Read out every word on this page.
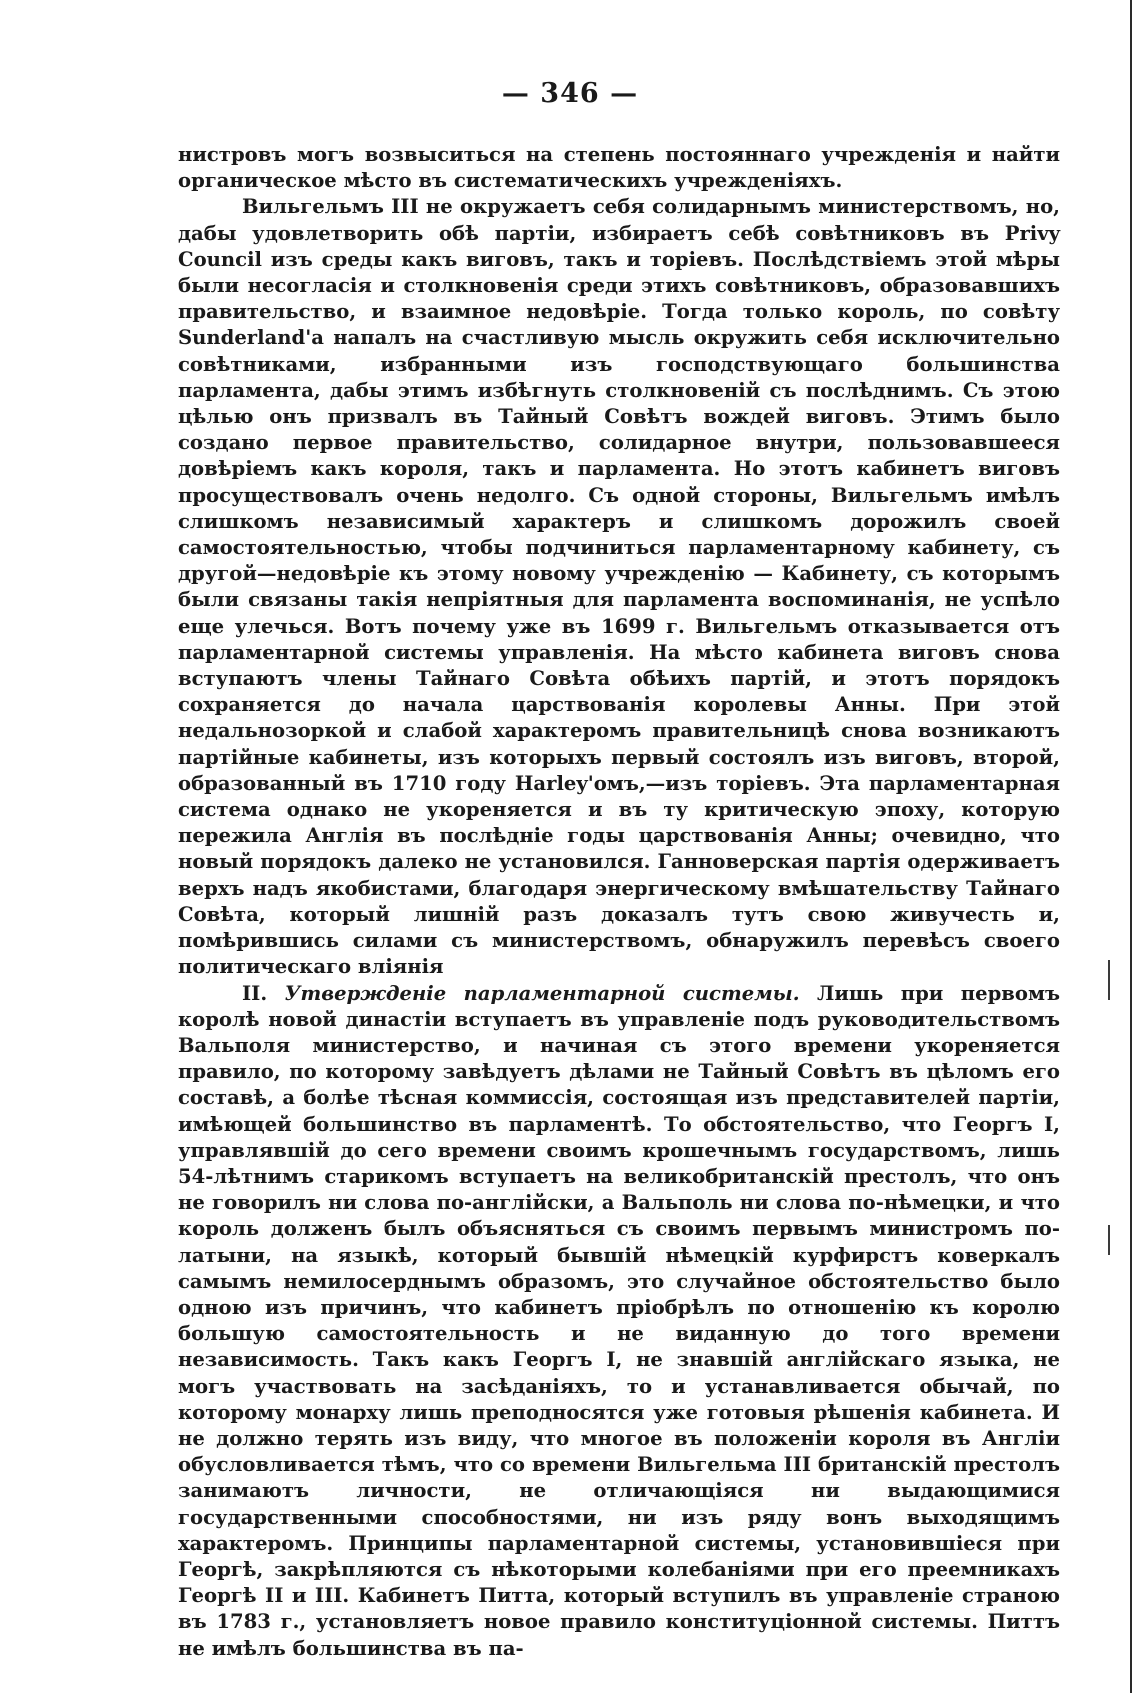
— 346 —

нистровъ могъ возвыситься на степень постояннаго учрежденія и найти органическое мѣсто въ систематическихъ учрежденіяхъ.

Вильгельмъ III не окружаетъ себя солидарнымъ министерствомъ, но, дабы удовлетворить обѣ партіи, избираетъ себѣ совѣтниковъ въ Privy Council изъ среды какъ виговъ, такъ и торіевъ. Послѣдствіемъ этой мѣры были несогласія и столкновенія среди этихъ совѣтниковъ, образовавшихъ правительство, и взаимное недовѣріе. Тогда только король, по совѣту Sunderland'а напалъ на счастливую мысль окружить себя исключительно совѣтниками, избранными изъ господствующаго большинства парламента, дабы этимъ избѣгнуть столкновеній съ послѣднимъ. Съ этою цѣлью онъ призвалъ въ Тайный Совѣтъ вождей виговъ. Этимъ было создано первое правительство, солидарное внутри, пользовавшееся довѣріемъ какъ короля, такъ и парламента. Но этотъ кабинетъ виговъ просуществовалъ очень недолго. Съ одной стороны, Вильгельмъ имѣлъ слишкомъ независимый характеръ и слишкомъ дорожилъ своей самостоятельностью, чтобы подчиниться парламентарному кабинету, съ другой—недовѣріе къ этому новому учрежденію — Кабинету, съ которымъ были связаны такія непріятныя для парламента воспоминанія, не успѣло еще улечься. Вотъ почему уже въ 1699 г. Вильгельмъ отказывается отъ парламентарной системы управленія. На мѣсто кабинета виговъ снова вступаютъ члены Тайнаго Совѣта обѣихъ партій, и этотъ порядокъ сохраняется до начала царствованія королевы Анны. При этой недальнозоркой и слабой характеромъ правительницѣ снова возникаютъ партійные кабинеты, изъ которыхъ первый состоялъ изъ виговъ, второй, образованный въ 1710 году Harley'омъ,—изъ торіевъ. Эта парламентарная система однако не укореняется и въ ту критическую эпоху, которую пережила Англія въ послѣдніе годы царствованія Анны; очевидно, что новый порядокъ далеко не установился. Ганноверская партія одерживаетъ верхъ надъ якобистами, благодаря энергическому вмѣшательству Тайнаго Совѣта, который лишній разъ доказалъ тутъ свою живучесть и, помѣрившись силами съ министерствомъ, обнаружилъ перевѣсъ своего политическаго вліянія

II. Утвержденіе парламентарной системы. Лишь при первомъ королѣ новой династіи вступаетъ въ управленіе подъ руководительствомъ Вальполя министерство, и начиная съ этого времени укореняется правило, по которому завѣдуетъ дѣлами не Тайный Совѣтъ въ цѣломъ его составѣ, а болѣе тѣсная коммиссія, состоящая изъ представителей партіи, имѣющей большинство въ парламентѣ. То обстоятельство, что Георгъ I, управлявшій до сего времени своимъ крошечнымъ государствомъ, лишь 54-лѣтнимъ старикомъ вступаетъ на великобританскій престолъ, что онъ не говорилъ ни слова по-англійски, а Вальполь ни слова по-нѣмецки, и что король долженъ былъ объясняться съ своимъ первымъ министромъ по-латыни, на языкѣ, который бывшій нѣмецкій курфирстъ коверкалъ самымъ немилосерднымъ образомъ, это случайное обстоятельство было одною изъ причинъ, что кабинетъ пріобрѣлъ по отношенію къ королю большую самостоятельность и не виданную до того времени независимость. Такъ какъ Георгъ I, не знавшій англійскаго языка, не могъ участвовать на засѣданіяхъ, то и устанавливается обычай, по которому монарху лишь преподносятся уже готовыя рѣшенія кабинета. И не должно терять изъ виду, что многое въ положеніи короля въ Англіи обусловливается тѣмъ, что со времени Вильгельма III британскій престолъ занимаютъ личности, не отличающіяся ни выдающимися государственными способностями, ни изъ ряду вонъ выходящимъ характеромъ. Принципы парламентарной системы, установившіеся при Георгѣ, закрѣпляются съ нѣкоторыми колебаніями при его преемникахъ Георгѣ II и III. Кабинетъ Питта, который вступилъ въ управленіе страною въ 1783 г., установляетъ новое правило конституціонной системы. Питтъ не имѣлъ большинства въ па-
